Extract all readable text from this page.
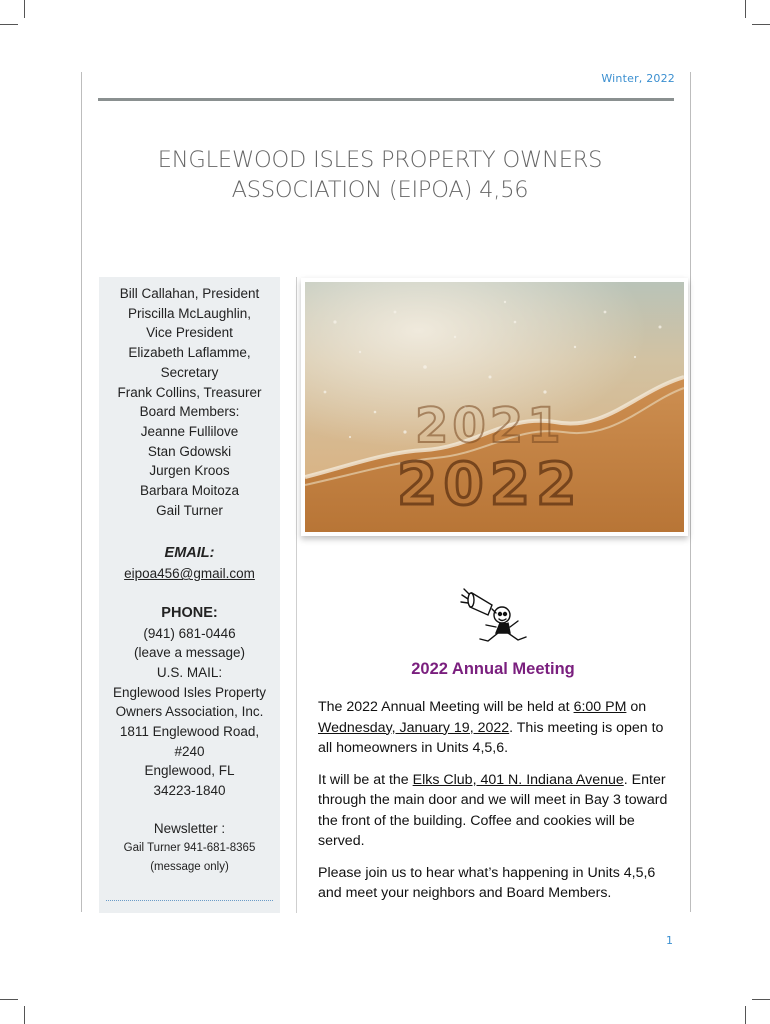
Winter, 2022
ENGLEWOOD ISLES PROPERTY OWNERS
ASSOCIATION (EIPOA) 4,56
Bill Callahan, President
Priscilla McLaughlin,
Vice President
Elizabeth Laflamme,
Secretary
Frank Collins, Treasurer
Board Members:
Jeanne Fullilove
Stan Gdowski
Jurgen Kroos
Barbara Moitoza
Gail Turner
EMAIL:
eipoa456@gmail.com
PHONE:
(941) 681-0446
(leave a message)
U.S. MAIL:
Englewood Isles Property
Owners Association, Inc.
1811 Englewood Road,
#240
Englewood, FL
34223-1840
Newsletter :
Gail Turner 941-681-8365
(message only)
2021
2022
2022 Annual Meeting

The 2022 Annual Meeting will be held at 6:00 PM on Wednesday, January 19, 2022. This meeting is open to all homeowners in Units 4,5,6.

It will be at the Elks Club, 401 N. Indiana Avenue. Enter through the main door and we will meet in Bay 3 toward the front of the building. Coffee and cookies will be served.

Please join us to hear what’s happening in Units 4,5,6 and meet your neighbors and Board Members.

1
